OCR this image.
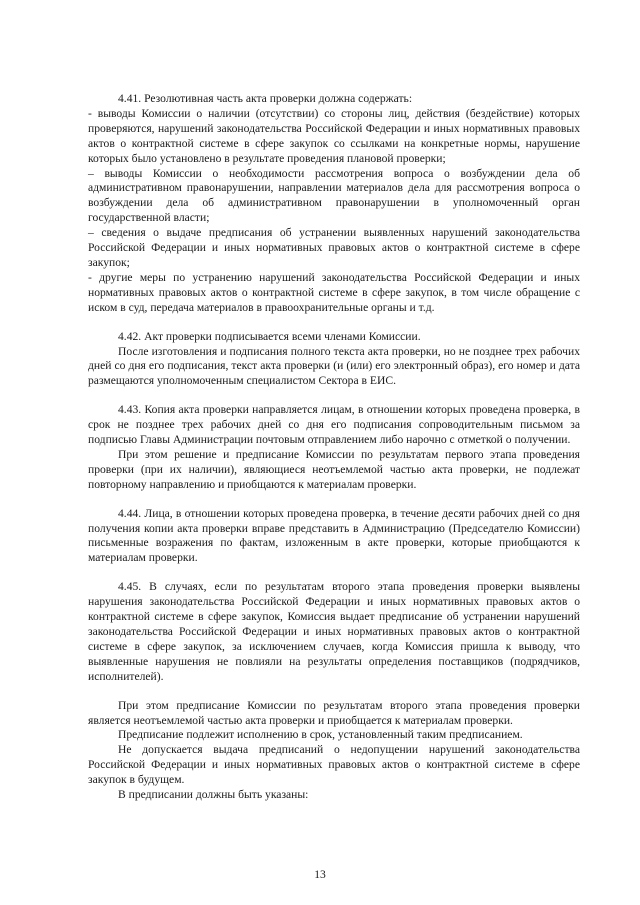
4.41. Резолютивная часть акта проверки должна содержать:

- выводы Комиссии о наличии (отсутствии) со стороны лиц, действия (бездействие) которых проверяются, нарушений законодательства Российской Федерации и иных нормативных правовых актов о контрактной системе в сфере закупок со ссылками на конкретные нормы, нарушение которых было установлено в результате проведения плановой проверки;

– выводы Комиссии о необходимости рассмотрения вопроса о возбуждении дела об административном правонарушении, направлении материалов дела для рассмотрения вопроса о возбуждении дела об административном правонарушении в уполномоченный орган государственной власти;

– сведения о выдаче предписания об устранении выявленных нарушений законодательства Российской Федерации и иных нормативных правовых актов о контрактной системе в сфере закупок;

- другие меры по устранению нарушений законодательства Российской Федерации и иных нормативных правовых актов о контрактной системе в сфере закупок, в том числе обращение с иском в суд, передача материалов в правоохранительные органы и т.д.

4.42. Акт проверки подписывается всеми членами Комиссии.

После изготовления и подписания полного текста акта проверки, но не позднее трех рабочих дней со дня его подписания, текст акта проверки (и (или) его электронный образ), его номер и дата размещаются уполномоченным специалистом Сектора в ЕИС.

4.43. Копия акта проверки направляется лицам, в отношении которых проведена проверка, в срок не позднее трех рабочих дней со дня его подписания сопроводительным письмом за подписью Главы Администрации почтовым отправлением либо нарочно с отметкой о получении.

При этом решение и предписание Комиссии по результатам первого этапа проведения проверки (при их наличии), являющиеся неотъемлемой частью акта проверки, не подлежат повторному направлению и приобщаются к материалам проверки.

4.44. Лица, в отношении которых проведена проверка, в течение десяти рабочих дней со дня получения копии акта проверки вправе представить в Администрацию (Председателю Комиссии) письменные возражения по фактам, изложенным в акте проверки, которые приобщаются к материалам проверки.

4.45. В случаях, если по результатам второго этапа проведения проверки выявлены нарушения законодательства Российской Федерации и иных нормативных правовых актов о контрактной системе в сфере закупок, Комиссия выдает предписание об устранении нарушений законодательства Российской Федерации и иных нормативных правовых актов о контрактной системе в сфере закупок, за исключением случаев, когда Комиссия пришла к выводу, что выявленные нарушения не повлияли на результаты определения поставщиков (подрядчиков, исполнителей).

При этом предписание Комиссии по результатам второго этапа проведения проверки является неотъемлемой частью акта проверки и приобщается к материалам проверки.

Предписание подлежит исполнению в срок, установленный таким предписанием.

Не допускается выдача предписаний о недопущении нарушений законодательства Российской Федерации и иных нормативных правовых актов о контрактной системе в сфере закупок в будущем.

В предписании должны быть указаны:

13
